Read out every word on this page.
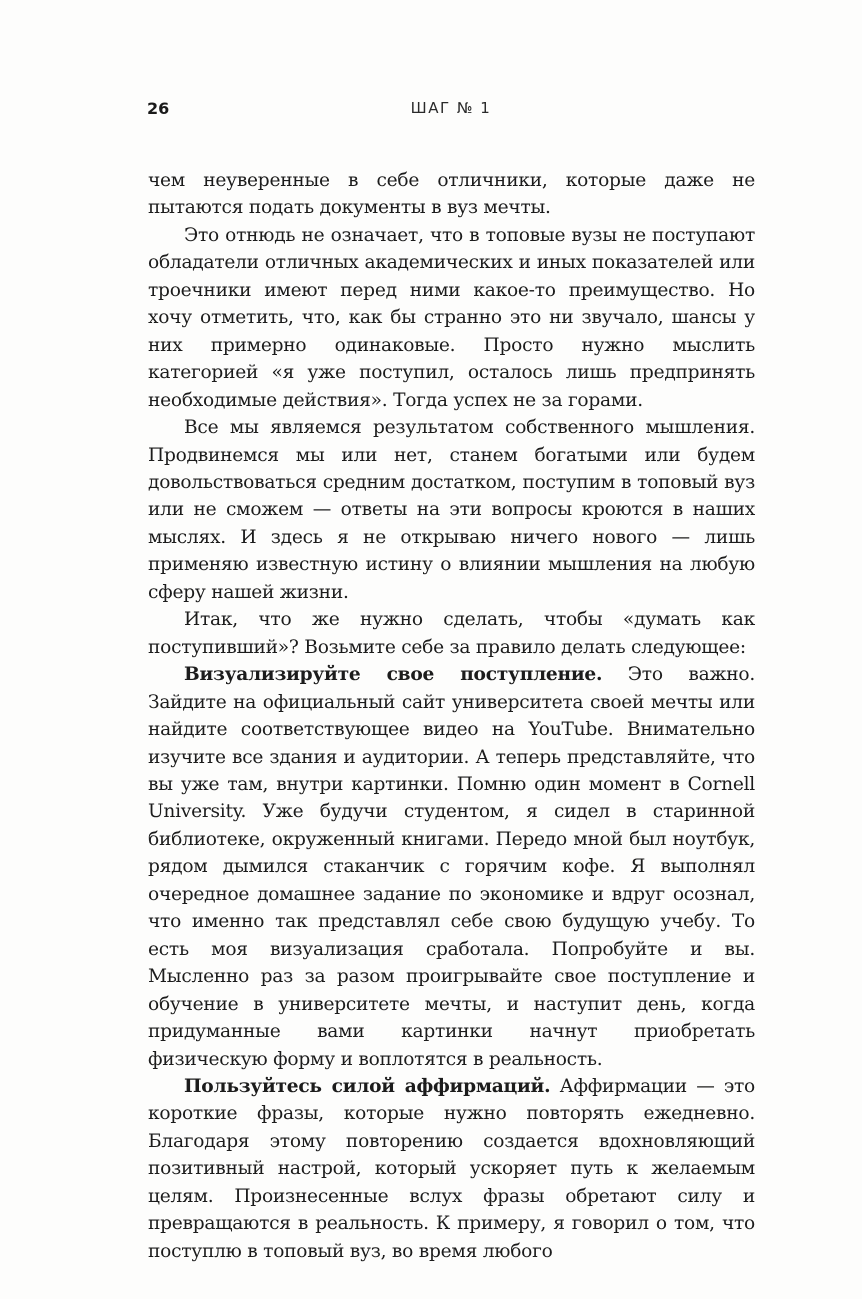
26	ШАГ № 1

чем неуверенные в себе отличники, которые даже не пытаются подать документы в вуз мечты.

Это отнюдь не означает, что в топовые вузы не поступают обладатели отличных академических и иных показателей или троечники имеют перед ними какое-то преимущество. Но хочу отметить, что, как бы странно это ни звучало, шансы у них примерно одинаковые. Просто нужно мыслить категорией «я уже поступил, осталось лишь предпринять необходимые действия». Тогда успех не за горами.

Все мы являемся результатом собственного мышления. Продвинемся мы или нет, станем богатыми или будем довольствоваться средним достатком, поступим в топовый вуз или не сможем — ответы на эти вопросы кроются в наших мыслях. И здесь я не открываю ничего нового — лишь применяю известную истину о влиянии мышления на любую сферу нашей жизни.

Итак, что же нужно сделать, чтобы «думать как поступивший»? Возьмите себе за правило делать следующее:

Визуализируйте свое поступление. Это важно. Зайдите на официальный сайт университета своей мечты или найдите соответствующее видео на YouTube. Внимательно изучите все здания и аудитории. А теперь представляйте, что вы уже там, внутри картинки. Помню один момент в Cornell University. Уже будучи студентом, я сидел в старинной библиотеке, окруженный книгами. Передо мной был ноутбук, рядом дымился стаканчик с горячим кофе. Я выполнял очередное домашнее задание по экономике и вдруг осознал, что именно так представлял себе свою будущую учебу. То есть моя визуализация сработала. Попробуйте и вы. Мысленно раз за разом проигрывайте свое поступление и обучение в университете мечты, и наступит день, когда придуманные вами картинки начнут приобретать физическую форму и воплотятся в реальность.

Пользуйтесь силой аффирмаций. Аффирмации — это короткие фразы, которые нужно повторять ежедневно. Благодаря этому повторению создается вдохновляющий позитивный настрой, который ускоряет путь к желаемым целям. Произнесенные вслух фразы обретают силу и превращаются в реальность. К примеру, я говорил о том, что поступлю в топовый вуз, во время любого
